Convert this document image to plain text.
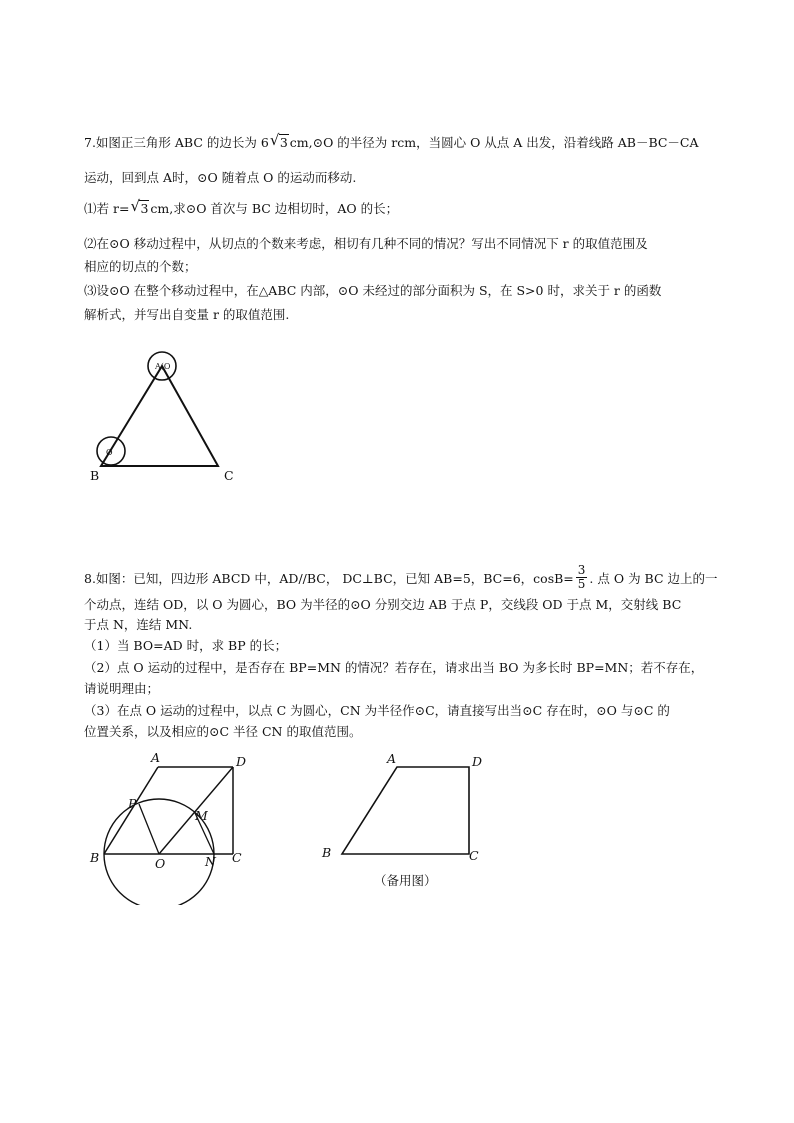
7.如图正三角形 ABC 的边长为 6 √ 3 cm,⊙O 的半径为 rcm，当圆心 O 从点 A 出发，沿着线路 AB－BC－CA
运动，回到点 A时，⊙O 随着点 O 的运动而移动.
⑴若 r= √ 3 cm,求⊙O 首次与 BC 边相切时，AO 的长；
⑵在⊙O 移动过程中，从切点的个数来考虑，相切有几种不同的情况？写出不同情况下 r 的取值范围及
相应的切点的个数；
⑶设⊙O 在整个移动过程中，在△ABC 内部，⊙O 未经过的部分面积为 S，在 S>0 时，求关于 r 的函数
解析式，并写出自变量 r 的取值范围.
A(O
O
B	C
8.如图：已知，四边形 ABCD 中，AD//BC， DC⊥BC，已知 AB=5，BC=6，$\cos B= \frac{3}{5}$ . 点 O 为 BC 边上的一
个动点，连结 OD，以 O 为圆心，BO 为半径的⊙O 分别交边 AB 于点 P，交线段 OD 于点 M，交射线 BC
于点 N，连结 MN.
（1）当 BO=AD 时，求 BP 的长；
（2）点 O 运动的过程中，是否存在 BP=MN 的情况？若存在，请求出当 BO 为多长时 BP=MN；若不存在，
请说明理由；
（3）在点 O 运动的过程中，以点 C 为圆心，CN 为半径作⊙C，请直接写出当⊙C 存在时，⊙O 与⊙C 的
位置关系，以及相应的⊙C 半径 CN 的取值范围。
A	D
P
M
B	O	N C
A	D
B	C
（备用图）
